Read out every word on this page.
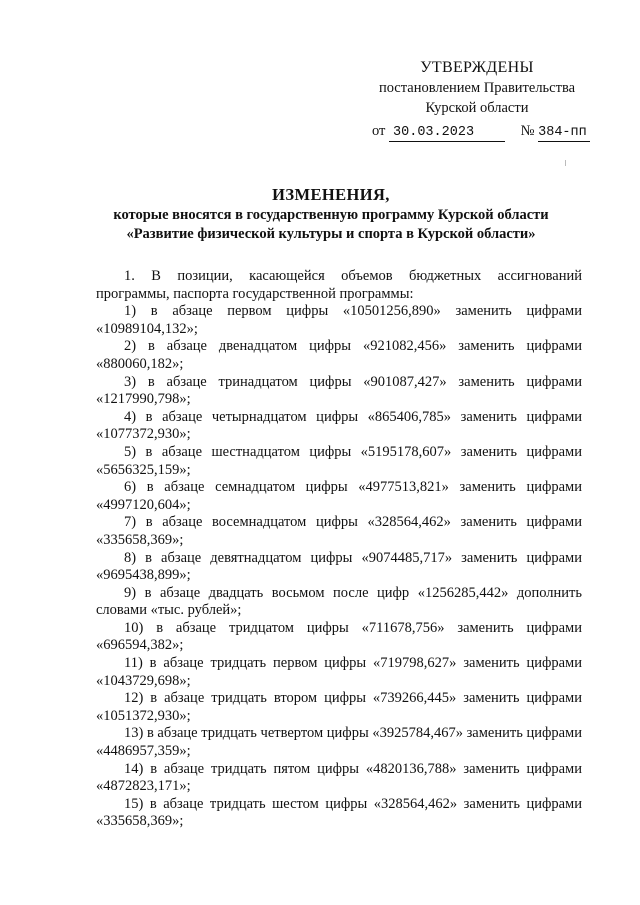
УТВЕРЖДЕНЫ
постановлением Правительства
Курской области
от 30.03.2023	№ 384-пп
ИЗМЕНЕНИЯ,
которые вносятся в государственную программу Курской области
«Развитие физической культуры и спорта в Курской области»

1. В позиции, касающейся объемов бюджетных ассигнований программы, паспорта государственной программы:

1) в абзаце первом цифры «10501256,890» заменить цифрами «10989104,132»;

2) в абзаце двенадцатом цифры «921082,456» заменить цифрами «880060,182»;

3) в абзаце тринадцатом цифры «901087,427» заменить цифрами «1217990,798»;

4) в абзаце четырнадцатом цифры «865406,785» заменить цифрами «1077372,930»;

5) в абзаце шестнадцатом цифры «5195178,607» заменить цифрами «5656325,159»;

6) в абзаце семнадцатом цифры «4977513,821» заменить цифрами «4997120,604»;

7) в абзаце восемнадцатом цифры «328564,462» заменить цифрами «335658,369»;

8) в абзаце девятнадцатом цифры «9074485,717» заменить цифрами «9695438,899»;

9) в абзаце двадцать восьмом после цифр «1256285,442» дополнить словами «тыс. рублей»;

10) в абзаце тридцатом цифры «711678,756» заменить цифрами «696594,382»;

11) в абзаце тридцать первом цифры «719798,627» заменить цифрами «1043729,698»;

12) в абзаце тридцать втором цифры «739266,445» заменить цифрами «1051372,930»;

13) в абзаце тридцать четвертом цифры «3925784,467» заменить цифрами «4486957,359»;

14) в абзаце тридцать пятом цифры «4820136,788» заменить цифрами «4872823,171»;

15) в абзаце тридцать шестом цифры «328564,462» заменить цифрами «335658,369»;
